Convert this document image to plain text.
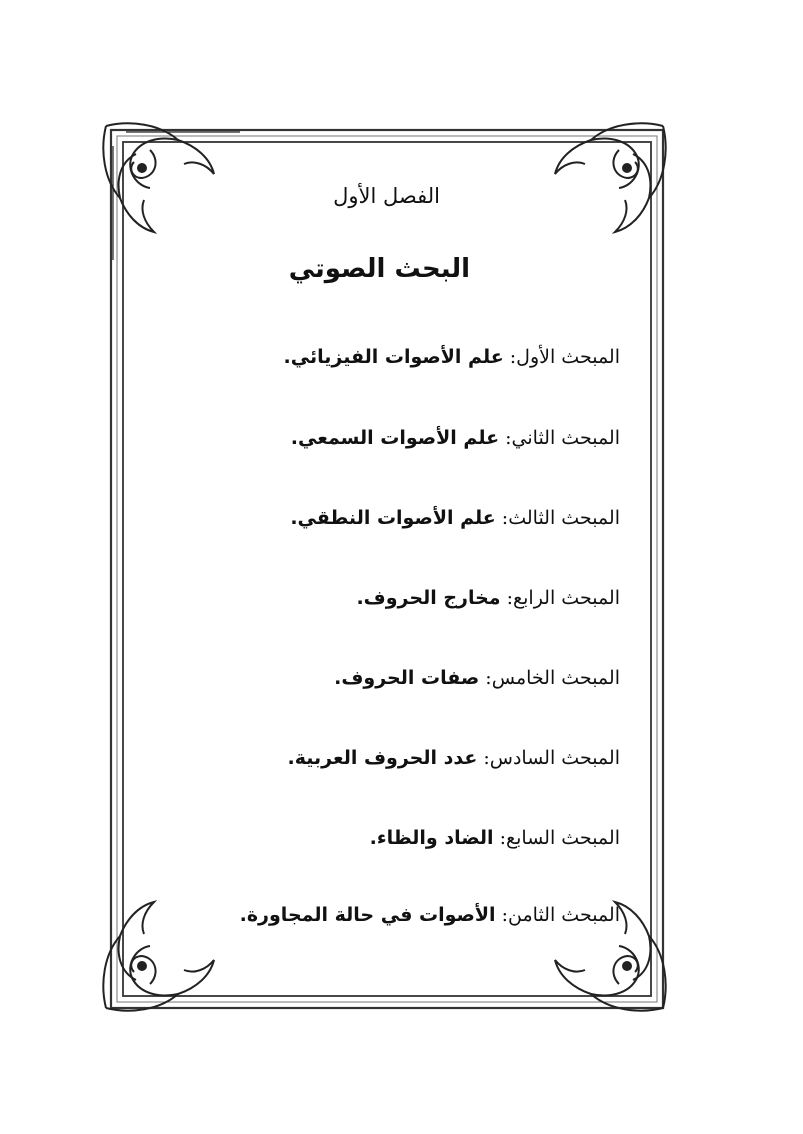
الفصل الأول
البحث الصوتي
المبحث الأول: علم الأصوات الفيزيائي.
المبحث الثاني: علم الأصوات السمعي.
المبحث الثالث: علم الأصوات النطقي.
المبحث الرابع: مخارج الحروف.
المبحث الخامس: صفات الحروف.
المبحث السادس: عدد الحروف العربية.
المبحث السابع: الضاد والظاء.
المبحث الثامن: الأصوات في حالة المجاورة.
